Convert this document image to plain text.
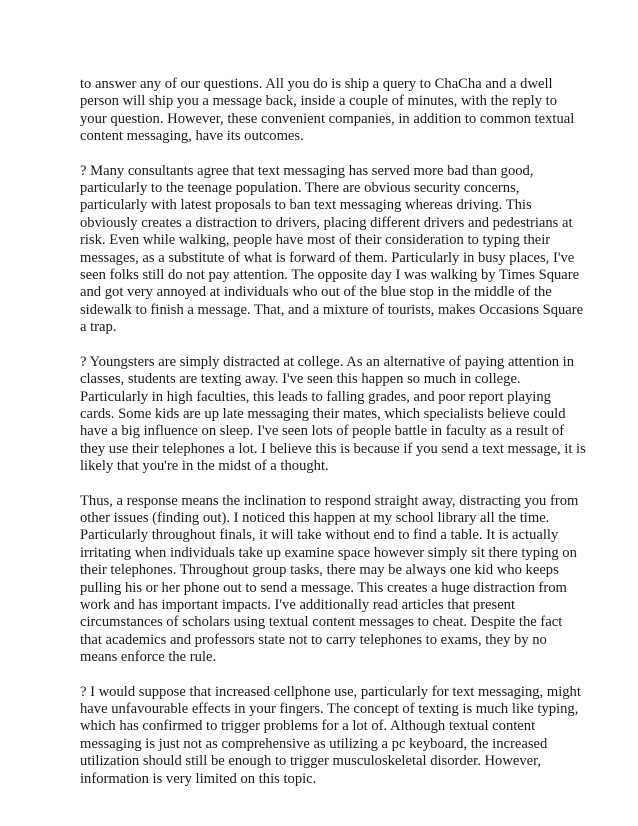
to answer any of our questions. All you do is ship a query to ChaCha and a dwell
person will ship you a message back, inside a couple of minutes, with the reply to
your question. However, these convenient companies, in addition to common textual
content messaging, have its outcomes.

? Many consultants agree that text messaging has served more bad than good,
particularly to the teenage population. There are obvious security concerns,
particularly with latest proposals to ban text messaging whereas driving. This
obviously creates a distraction to drivers, placing different drivers and pedestrians at
risk. Even while walking, people have most of their consideration to typing their
messages, as a substitute of what is forward of them. Particularly in busy places, I've
seen folks still do not pay attention. The opposite day I was walking by Times Square
and got very annoyed at individuals who out of the blue stop in the middle of the
sidewalk to finish a message. That, and a mixture of tourists, makes Occasions Square
a trap.

? Youngsters are simply distracted at college. As an alternative of paying attention in
classes, students are texting away. I've seen this happen so much in college.
Particularly in high faculties, this leads to falling grades, and poor report playing
cards. Some kids are up late messaging their mates, which specialists believe could
have a big influence on sleep. I've seen lots of people battle in faculty as a result of
they use their telephones a lot. I believe this is because if you send a text message, it is
likely that you're in the midst of a thought.

Thus, a response means the inclination to respond straight away, distracting you from
other issues (finding out). I noticed this happen at my school library all the time.
Particularly throughout finals, it will take without end to find a table. It is actually
irritating when individuals take up examine space however simply sit there typing on
their telephones. Throughout group tasks, there may be always one kid who keeps
pulling his or her phone out to send a message. This creates a huge distraction from
work and has important impacts. I've additionally read articles that present
circumstances of scholars using textual content messages to cheat. Despite the fact
that academics and professors state not to carry telephones to exams, they by no
means enforce the rule.

? I would suppose that increased cellphone use, particularly for text messaging, might
have unfavourable effects in your fingers. The concept of texting is much like typing,
which has confirmed to trigger problems for a lot of. Although textual content
messaging is just not as comprehensive as utilizing a pc keyboard, the increased
utilization should still be enough to trigger musculoskeletal disorder. However,
information is very limited on this topic.
